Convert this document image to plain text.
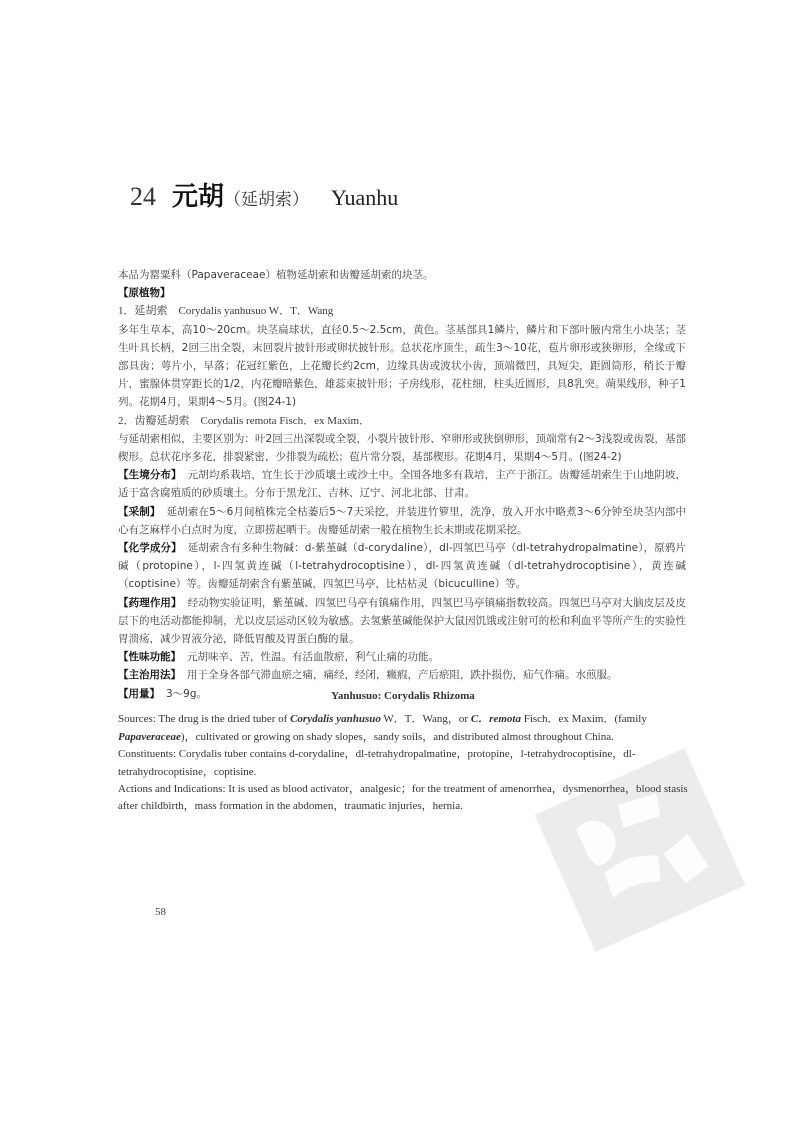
24 元胡 （延胡索） Yuanhu

本品为罂粟科（Papaveraceae）植物延胡索和齿瓣延胡索的块茎。

【原植物】

1．延胡索　Corydalis yanhusuo W．T．Wang

多年生草本，高10～20cm。块茎扁球状，直径0.5～2.5cm，黄色。茎基部具1鳞片，鳞片和下部叶腋内常生小块茎；茎生叶具长柄，2回三出全裂，末回裂片披针形或卵状披针形。总状花序顶生，疏生3～10花，苞片卵形或狭卵形，全缘或下部具齿；萼片小，早落；花冠红紫色，上花瓣长约2cm，边缘具齿或波状小齿，顶端微凹，具短尖，距圆筒形，稍长于瓣片，蜜腺体贯穿距长的1/2，内花瓣暗紫色，雄蕊束披针形；子房线形，花柱细，柱头近圆形，具8乳突。蒴果线形，种子1列。花期4月，果期4～5月。(图24-1)

2．齿瓣延胡索　Corydalis remota Fisch．ex Maxim．

与延胡索相似，主要区别为：叶2回三出深裂或全裂，小裂片披针形、窄卵形或狭倒卵形，顶端常有2～3浅裂或齿裂，基部楔形。总状花序多花，排裂紧密，少排裂为疏松；苞片常分裂，基部楔形。花期4月，果期4～5月。(图24-2)

【生境分布】 元胡均系栽培，宜生长于沙质壤土或沙土中。全国各地多有栽培，主产于浙江。齿瓣延胡索生于山地阴坡，适于富含腐殖质的砂质壤土。分布于黑龙江、吉林、辽宁、河北北部、甘肃。

【采制】 延胡索在5～6月间植株完全枯萎后5～7天采挖，并装进竹箩里，洗净，放入开水中略煮3～6分钟至块茎内部中心有芝麻样小白点时为度，立即捞起晒干。齿瓣延胡索一般在植物生长末期或花期采挖。

【化学成分】 延胡索含有多种生物碱：d-紫堇碱（d-corydaline），dl-四氢巴马亭（dl-tetrahydropalmatine），原鸦片碱（protopine），l-四氢黄连碱（l-tetrahydrocoptisine），dl-四氢黄连碱（dl-tetrahydrocoptisine），黄连碱（coptisine）等。齿瓣延胡索含有紫堇碱，四氢巴马亭，比枯枯灵（bicuculline）等。

【药理作用】 经动物实验证明，紫堇碱、四氢巴马亭有镇痛作用，四氢巴马亭镇痛指数较高。四氢巴马亭对大脑皮层及皮层下的电活动都能抑制，尤以皮层运动区较为敏感。去氢紫堇碱能保护大鼠因饥饿或注射可的松和利血平等所产生的实验性胃溃疡，减少胃液分泌，降低胃酸及胃蛋白酶的量。

【性味功能】 元胡味辛、苦，性温。有活血散瘀，利气止痛的功能。

【主治用法】 用于全身各部气滞血瘀之痛，痛经，经闭，癥瘕，产后瘀阻，跌扑损伤，疝气作痛。水煎服。

【用量】 3～9g。	Yanhusuo: Corydalis Rhizoma

Sources: The drug is the dried tuber of Corydalis yanhusuo W．T．Wang，or C．remota Fisch．ex Maxim．(family Papaveraceae)，cultivated or growing on shady slopes，sandy soils，and distributed almost throughout China.

Constituents: Corydalis tuber contains d-corydaline，dl-tetrahydropalmatine，protopine，l-tetrahydrocoptisine，dl-tetrahydrocoptisine，coptisine.

Actions and Indications: It is used as blood activator，analgesic；for the treatment of amenorrhea，dysmenorrhea，blood stasis after childbirth，mass formation in the abdomen，traumatic injuries，hernia.

58
